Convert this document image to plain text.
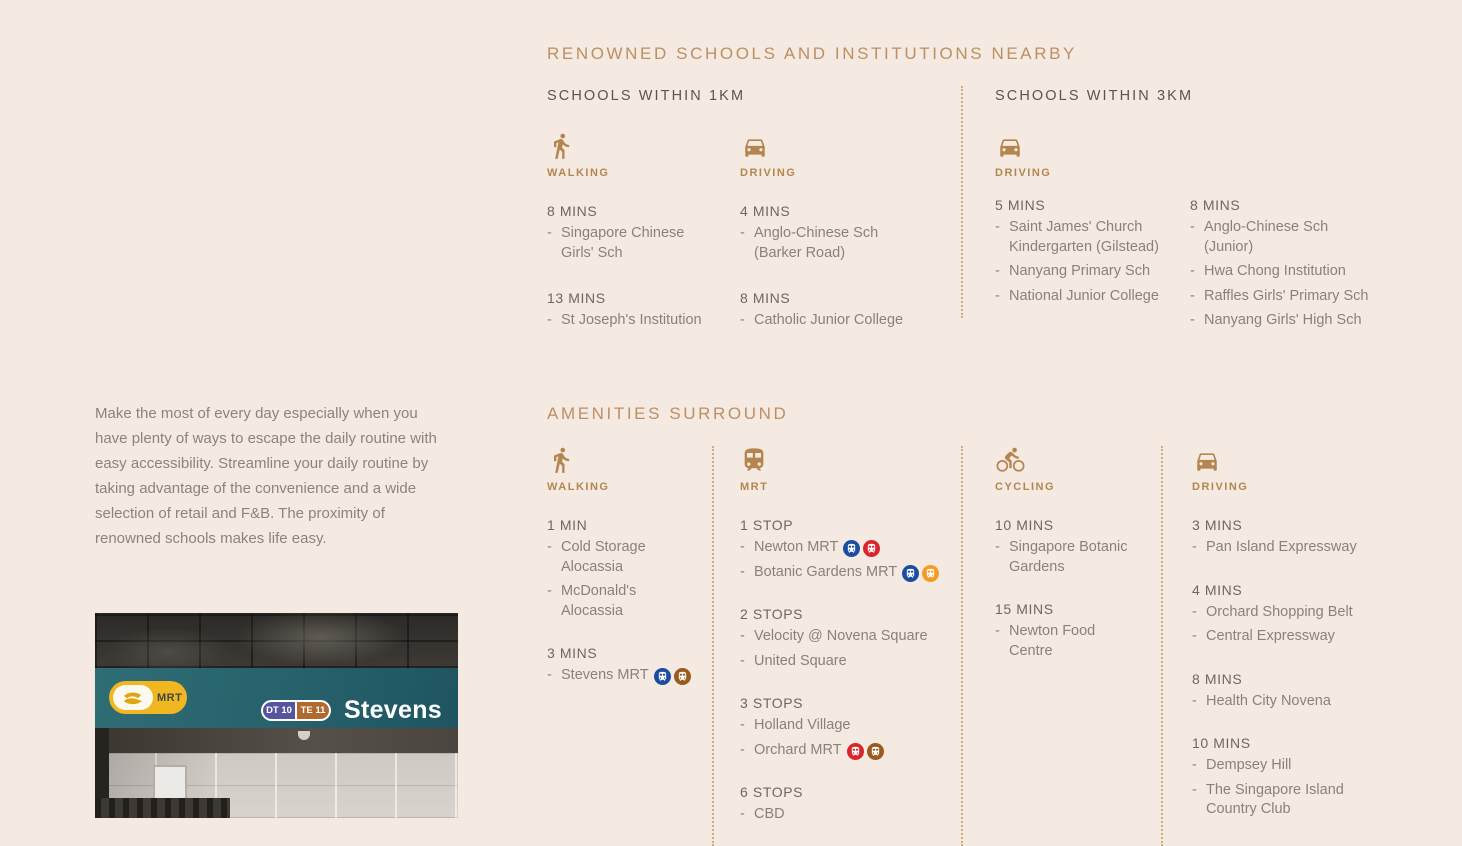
RENOWNED SCHOOLS AND INSTITUTIONS NEARBY
SCHOOLS WITHIN 1KM	SCHOOLS WITHIN 3KM
WALKING
8 MINS
- Singapore Chinese Girls' Sch
13 MINS
- St Joseph's Institution
DRIVING
4 MINS
- Anglo-Chinese Sch (Barker Road)
8 MINS
- Catholic Junior College
DRIVING
5 MINS
- Saint James' Church Kindergarten (Gilstead)
- Nanyang Primary Sch
- National Junior College
8 MINS
- Anglo-Chinese Sch (Junior)
- Hwa Chong Institution
- Raffles Girls' Primary Sch
- Nanyang Girls' High Sch
Make the most of every day especially when you have plenty of ways to escape the daily routine with easy accessibility. Streamline your daily routine by taking advantage of the convenience and a wide selection of retail and F&B. The proximity of renowned schools makes life easy.
MRT
DT 10 TE 11 Stevens
AMENITIES SURROUND
WALKING
1 MIN
- Cold Storage Alocassia
- McDonald's Alocassia
3 MINS
- Stevens MRT
MRT
1 STOP
- Newton MRT
- Botanic Gardens MRT
2 STOPS
- Velocity @ Novena Square
- United Square
3 STOPS
- Holland Village
- Orchard MRT
6 STOPS
- CBD
CYCLING
10 MINS
- Singapore Botanic Gardens
15 MINS
- Newton Food Centre
DRIVING
3 MINS
- Pan Island Expressway
4 MINS
- Orchard Shopping Belt
- Central Expressway
8 MINS
- Health City Novena
10 MINS
- Dempsey Hill
- The Singapore Island Country Club
